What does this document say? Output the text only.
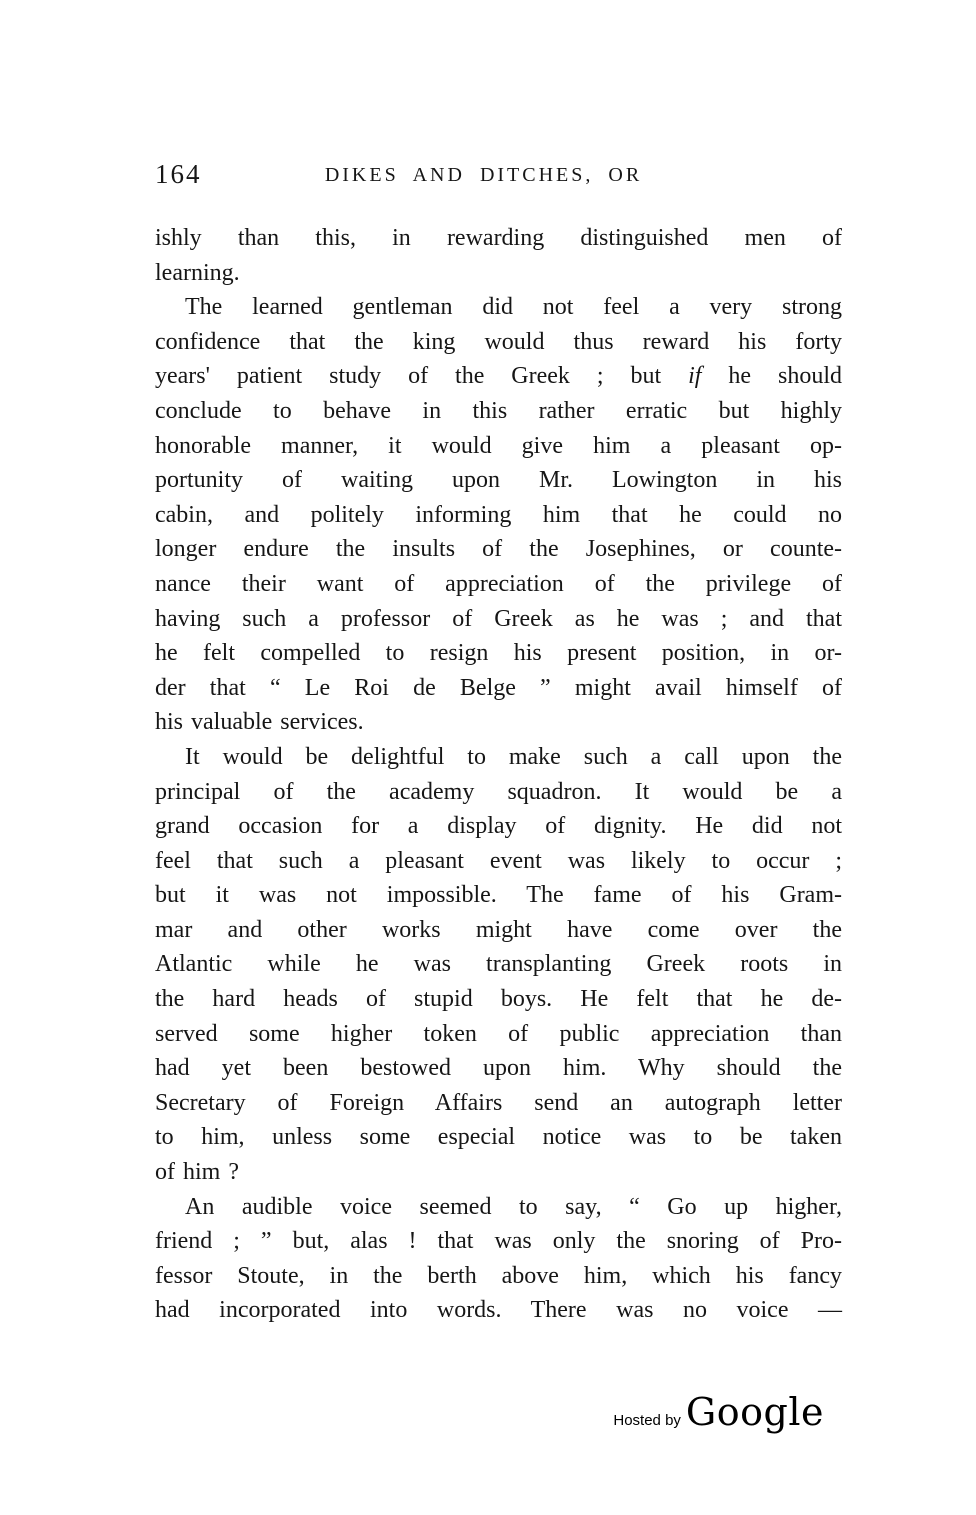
164	DIKES AND DITCHES, OR
ishly than this, in rewarding distinguished men of
learning.
The learned gentleman did not feel a very strong
confidence that the king would thus reward his forty
years' patient study of the Greek ; but if he should
conclude to behave in this rather erratic but highly
honorable manner, it would give him a pleasant op-
portunity of waiting upon Mr. Lowington in his
cabin, and politely informing him that he could no
longer endure the insults of the Josephines, or counte-
nance their want of appreciation of the privilege of
having such a professor of Greek as he was ; and that
he felt compelled to resign his present position, in or-
der that “ Le Roi de Belge ” might avail himself of
his valuable services.
It would be delightful to make such a call upon the
principal of the academy squadron. It would be a
grand occasion for a display of dignity. He did not
feel that such a pleasant event was likely to occur ;
but it was not impossible. The fame of his Gram-
mar and other works might have come over the
Atlantic while he was transplanting Greek roots in
the hard heads of stupid boys. He felt that he de-
served some higher token of public appreciation than
had yet been bestowed upon him. Why should the
Secretary of Foreign Affairs send an autograph letter
to him, unless some especial notice was to be taken
of him ?
An audible voice seemed to say, “ Go up higher,
friend ; ” but, alas ! that was only the snoring of Pro-
fessor Stoute, in the berth above him, which his fancy
had incorporated into words. There was no voice —
Hosted by Google
